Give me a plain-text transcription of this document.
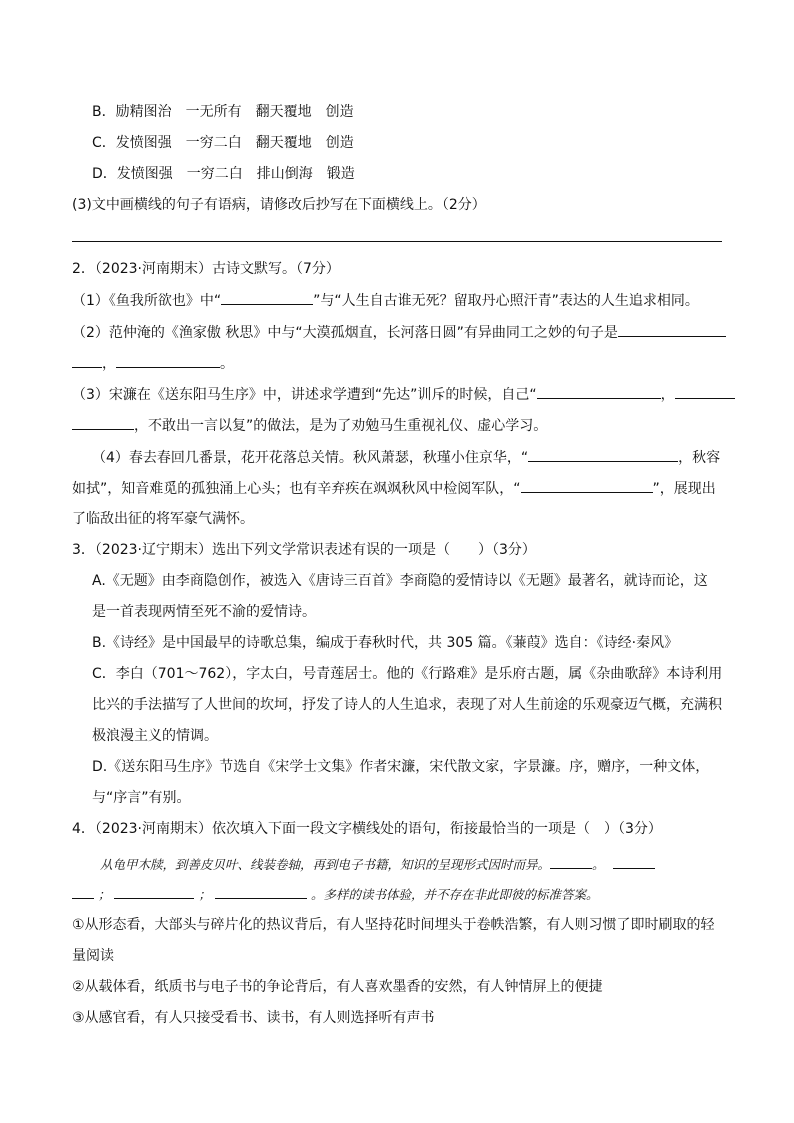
B．励精图治　一无所有　翻天覆地　创造
C．发愤图强　一穷二白　翻天覆地　创造
D．发愤图强　一穷二白　排山倒海　锻造
(3)文中画横线的句子有语病，请修改后抄写在下面横线上。（2分）
2．（2023·河南期末）古诗文默写。（7分）
（1）《鱼我所欲也》中“	”与“人生自古谁无死？留取丹心照汗青”表达的人生追求相同。
（2）范仲淹的《渔家傲 秋思》中与“大漠孤烟直，长河落日圆”有异曲同工之妙的句子是
，	。
（3）宋濂在《送东阳马生序》中，讲述求学遭到“先达”训斥的时候，自己“	，
，不敢出一言以复”的做法，是为了劝勉马生重视礼仪、虚心学习。
（4）春去春回几番景，花开花落总关情。秋风萧瑟，秋瑾小住京华，“	，秋容
如拭”，知音难觅的孤独涌上心头；也有辛弃疾在飒飒秋风中检阅军队，“	”，展现出
了临敌出征的将军豪气满怀。
3．（2023·辽宁期末）选出下列文学常识表述有误的一项是（　　）（3分）
A.《无题》由李商隐创作，被选入《唐诗三百首》李商隐的爱情诗以《无题》最著名，就诗而论，这
是一首表现两情至死不渝的爱情诗。
B.《诗经》是中国最早的诗歌总集，编成于春秋时代，共 305 篇。《蒹葭》选自：《诗经·秦风》
C．李白（701～762），字太白，号青莲居士。他的《行路难》是乐府古题，属《杂曲歌辞》本诗利用
比兴的手法描写了人世间的坎坷，抒发了诗人的人生追求，表现了对人生前途的乐观豪迈气概，充满积
极浪漫主义的情调。
D.《送东阳马生序》节选自《宋学士文集》作者宋濂，宋代散文家，字景濂。序，赠序，一种文体，
与“序言”有别。
4．（2023·河南期末）依次填入下面一段文字横线处的语句，衔接最恰当的一项是（　）（3分）
从龟甲木牍，到善皮贝叶、线装卷轴，再到电子书籍，知识的呈现形式因时而异。	。
；	；	。多样的读书体验，并不存在非此即彼的标准答案。
①从形态看，大部头与碎片化的热议背后，有人坚持花时间埋头于卷帙浩繁，有人则习惯了即时刷取的轻
量阅读
②从载体看，纸质书与电子书的争论背后，有人喜欢墨香的安然，有人钟情屏上的便捷
③从感官看，有人只接受看书、读书，有人则选择听有声书
